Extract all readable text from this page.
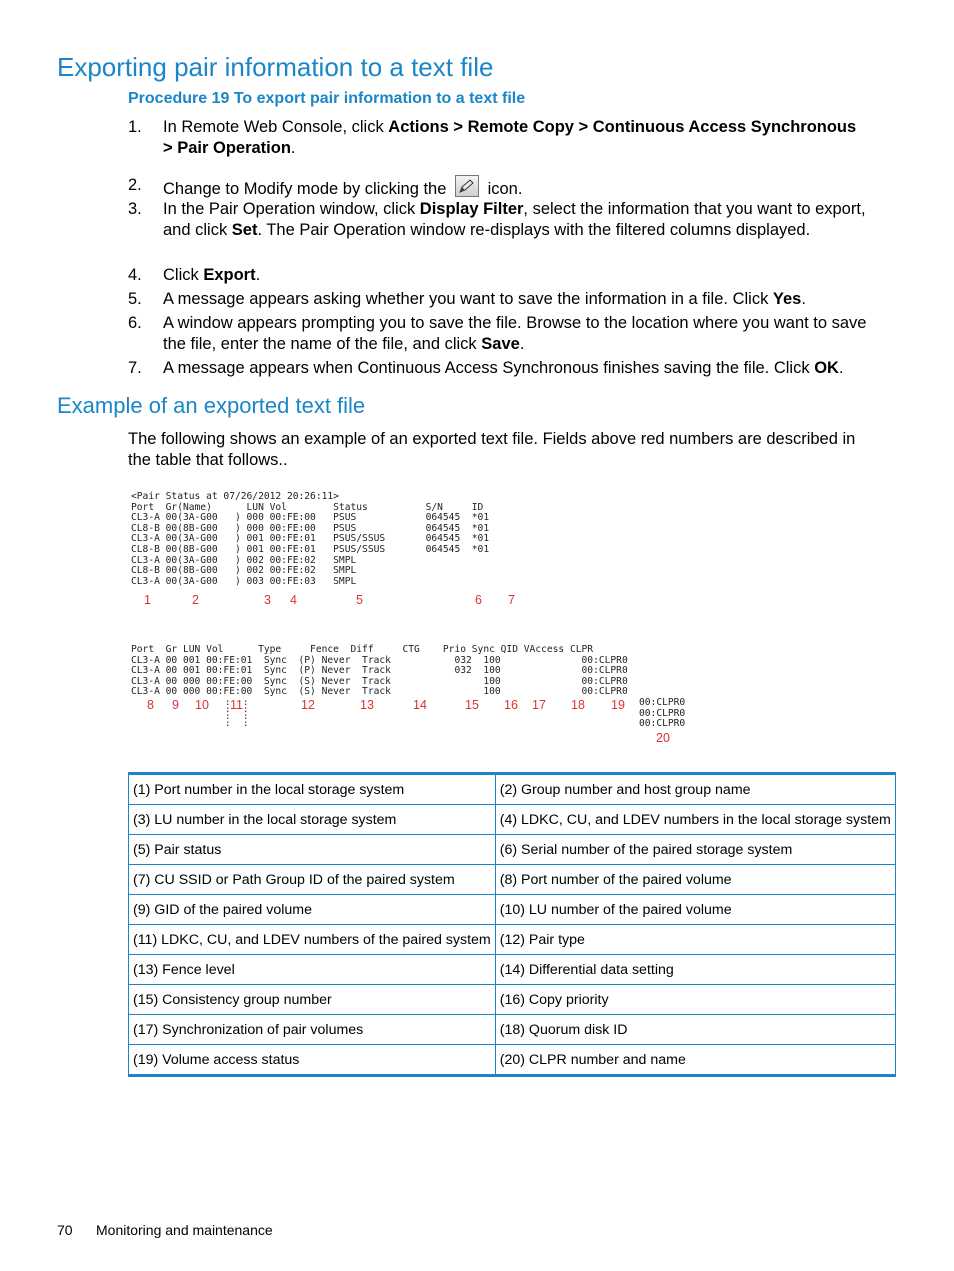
Exporting pair information to a text file
Procedure 19 To export pair information to a text file
1.	In Remote Web Console, click Actions > Remote Copy > Continuous Access Synchronous > Pair Operation.
2.	Change to Modify mode by clicking the
icon.
3.	In the Pair Operation window, click Display Filter, select the information that you want to export, and click Set. The Pair Operation window re-displays with the filtered columns displayed.
4.	Click Export.
5.	A message appears asking whether you want to save the information in a file. Click Yes.
6.	A window appears prompting you to save the file. Browse to the location where you want to save the file, enter the name of the file, and click Save.
7.	A message appears when Continuous Access Synchronous finishes saving the file. Click OK.
Example of an exported text file
The following shows an example of an exported text file. Fields above red numbers are described in the table that follows..
<Pair Status at 07/26/2012 20:26:11>
Port  Gr(Name)      LUN Vol        Status          S/N     ID
CL3-A 00(3A-G00   ) 000 00:FE:00   PSUS            064545  *01
CL8-B 00(8B-G00   ) 000 00:FE:00   PSUS            064545  *01
CL3-A 00(3A-G00   ) 001 00:FE:01   PSUS/SSUS       064545  *01
CL8-B 00(8B-G00   ) 001 00:FE:01   PSUS/SSUS       064545  *01
CL3-A 00(3A-G00   ) 002 00:FE:02   SMPL
CL8-B 00(8B-G00   ) 002 00:FE:02   SMPL
CL3-A 00(3A-G00   ) 003 00:FE:03   SMPL
1	2	3 4	5	6 7
Port  Gr LUN Vol      Type     Fence  Diff     CTG    Prio Sync QID VAccess CLPR
CL3-A 00 001 00:FE:01  Sync  (P) Never  Track           032  100              00:CLPR0
CL3-A 00 001 00:FE:01  Sync  (P) Never  Track           032  100              00:CLPR0
CL3-A 00 000 00:FE:00  Sync  (S) Never  Track                100              00:CLPR0
CL3-A 00 000 00:FE:00  Sync  (S) Never  Track                100              00:CLPR0
00:CLPR0
00:CLPR0
00:CLPR0
:
:
:
:
:
:
:
:
8 9 10 11	12	13	14	15 16 17 18 19
20
(1) Port number in the local storage system	(2) Group number and host group name
(3) LU number in the local storage system	(4) LDKC, CU, and LDEV numbers in the local storage system
(5) Pair status	(6) Serial number of the paired storage system
(7) CU SSID or Path Group ID of the paired system	(8) Port number of the paired volume
(9) GID of the paired volume	(10) LU number of the paired volume
(11) LDKC, CU, and LDEV numbers of the paired system	(12) Pair type
(13) Fence level	(14) Differential data setting
(15) Consistency group number	(16) Copy priority
(17) Synchronization of pair volumes	(18) Quorum disk ID
(19) Volume access status	(20) CLPR number and name
70 Monitoring and maintenance
